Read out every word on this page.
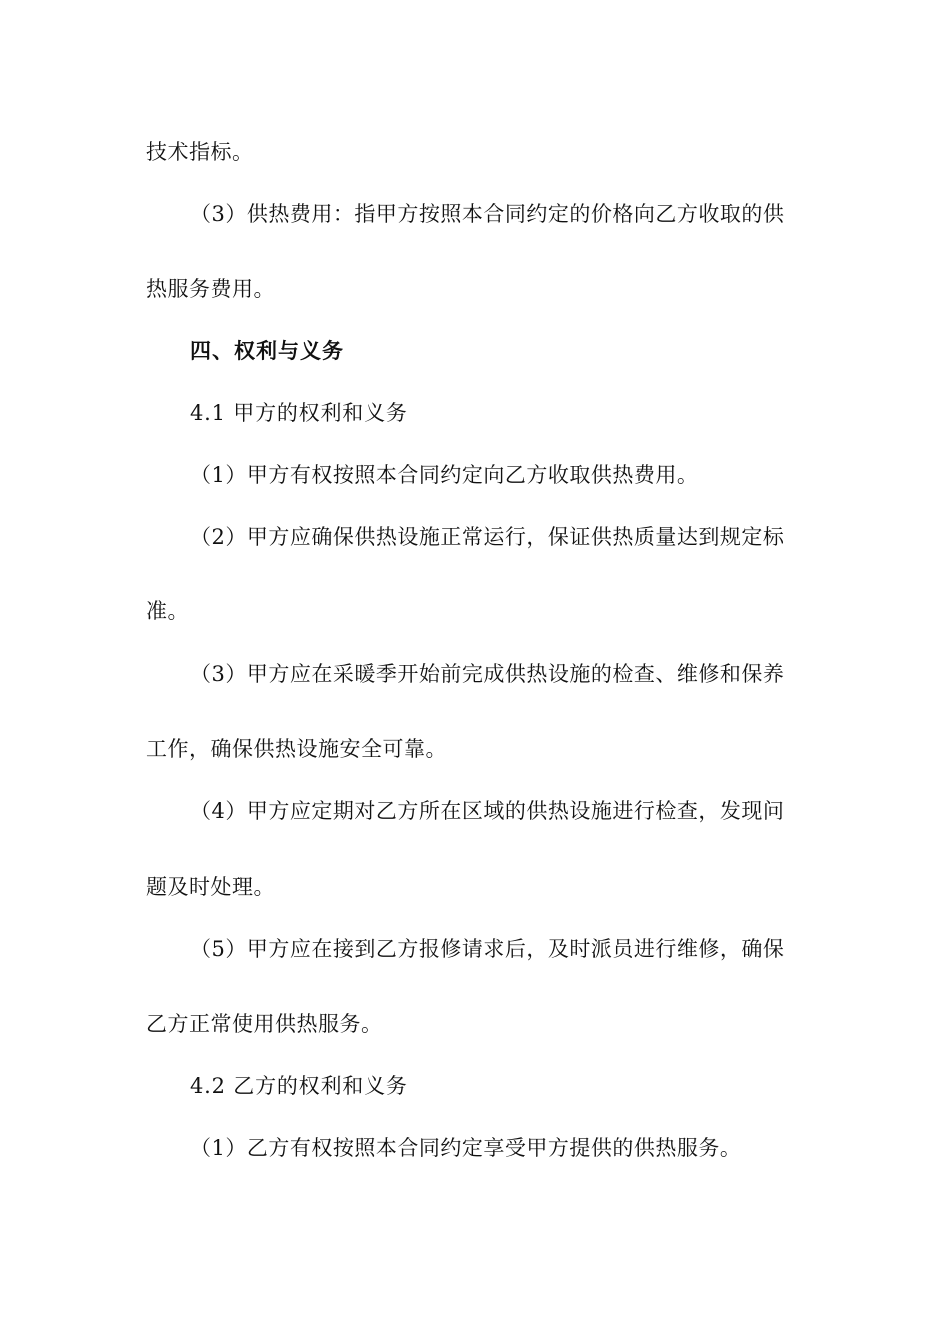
技术指标。
（3）供热费用：指甲方按照本合同约定的价格向乙方收取的供
热服务费用。
四、权利与义务
4.1 甲方的权利和义务
（1）甲方有权按照本合同约定向乙方收取供热费用。
（2）甲方应确保供热设施正常运行，保证供热质量达到规定标
准。
（3）甲方应在采暖季开始前完成供热设施的检查、维修和保养
工作，确保供热设施安全可靠。
（4）甲方应定期对乙方所在区域的供热设施进行检查，发现问
题及时处理。
（5）甲方应在接到乙方报修请求后，及时派员进行维修，确保
乙方正常使用供热服务。
4.2 乙方的权利和义务
（1）乙方有权按照本合同约定享受甲方提供的供热服务。
